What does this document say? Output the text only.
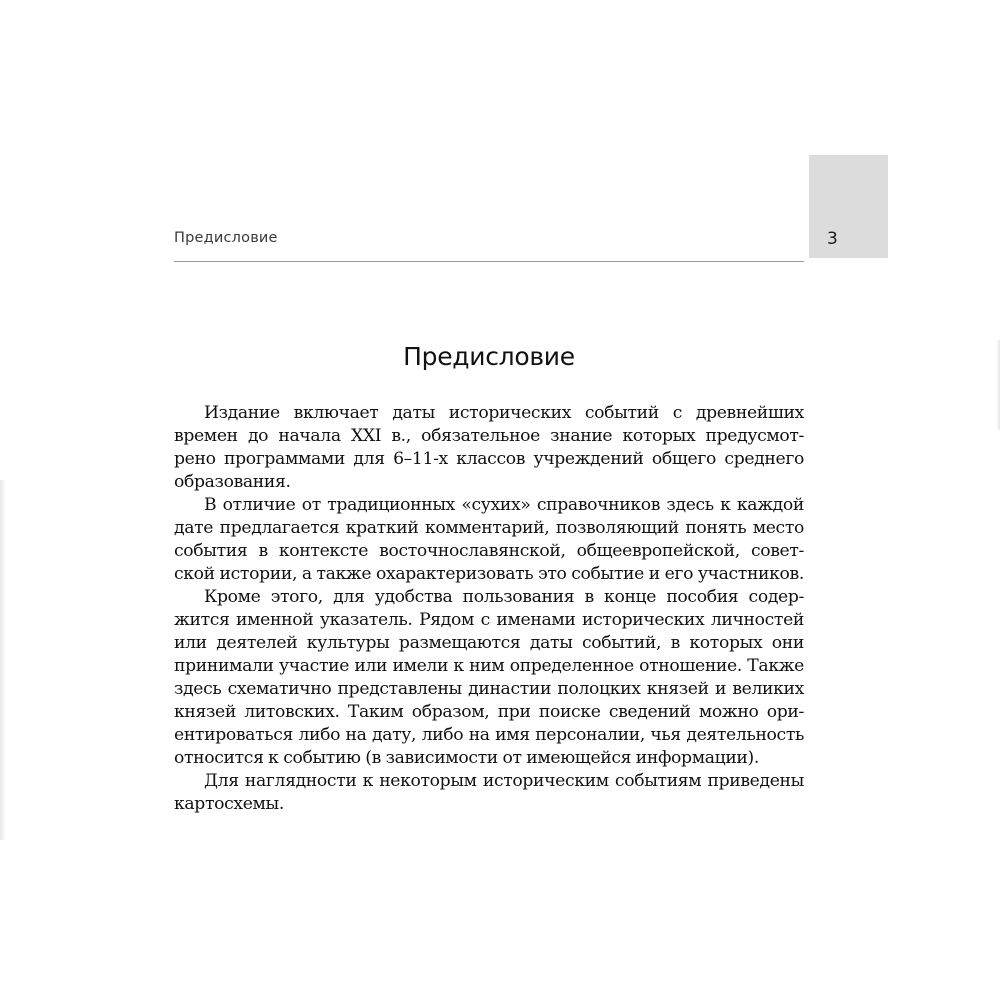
Предисловие	3
Предисловие
Издание включает даты исторических событий с древнейших
времен до начала XXI в., обязательное знание которых предусмот-
рено программами для 6–11-х классов учреждений общего среднего
образования.
В отличие от традиционных «сухих» справочников здесь к каждой
дате предлагается краткий комментарий, позволяющий понять место
события в контексте восточнославянской, общеевропейской, совет-
ской истории, а также охарактеризовать это событие и его участников.
Кроме этого, для удобства пользования в конце пособия содер-
жится именной указатель. Рядом с именами исторических личностей
или деятелей культуры размещаются даты событий, в которых они
принимали участие или имели к ним определенное отношение. Также
здесь схематично представлены династии полоцких князей и великих
князей литовских. Таким образом, при поиске сведений можно ори-
ентироваться либо на дату, либо на имя персоналии, чья деятельность
относится к событию (в зависимости от имеющейся информации).
Для наглядности к некоторым историческим событиям приведены
картосхемы.
